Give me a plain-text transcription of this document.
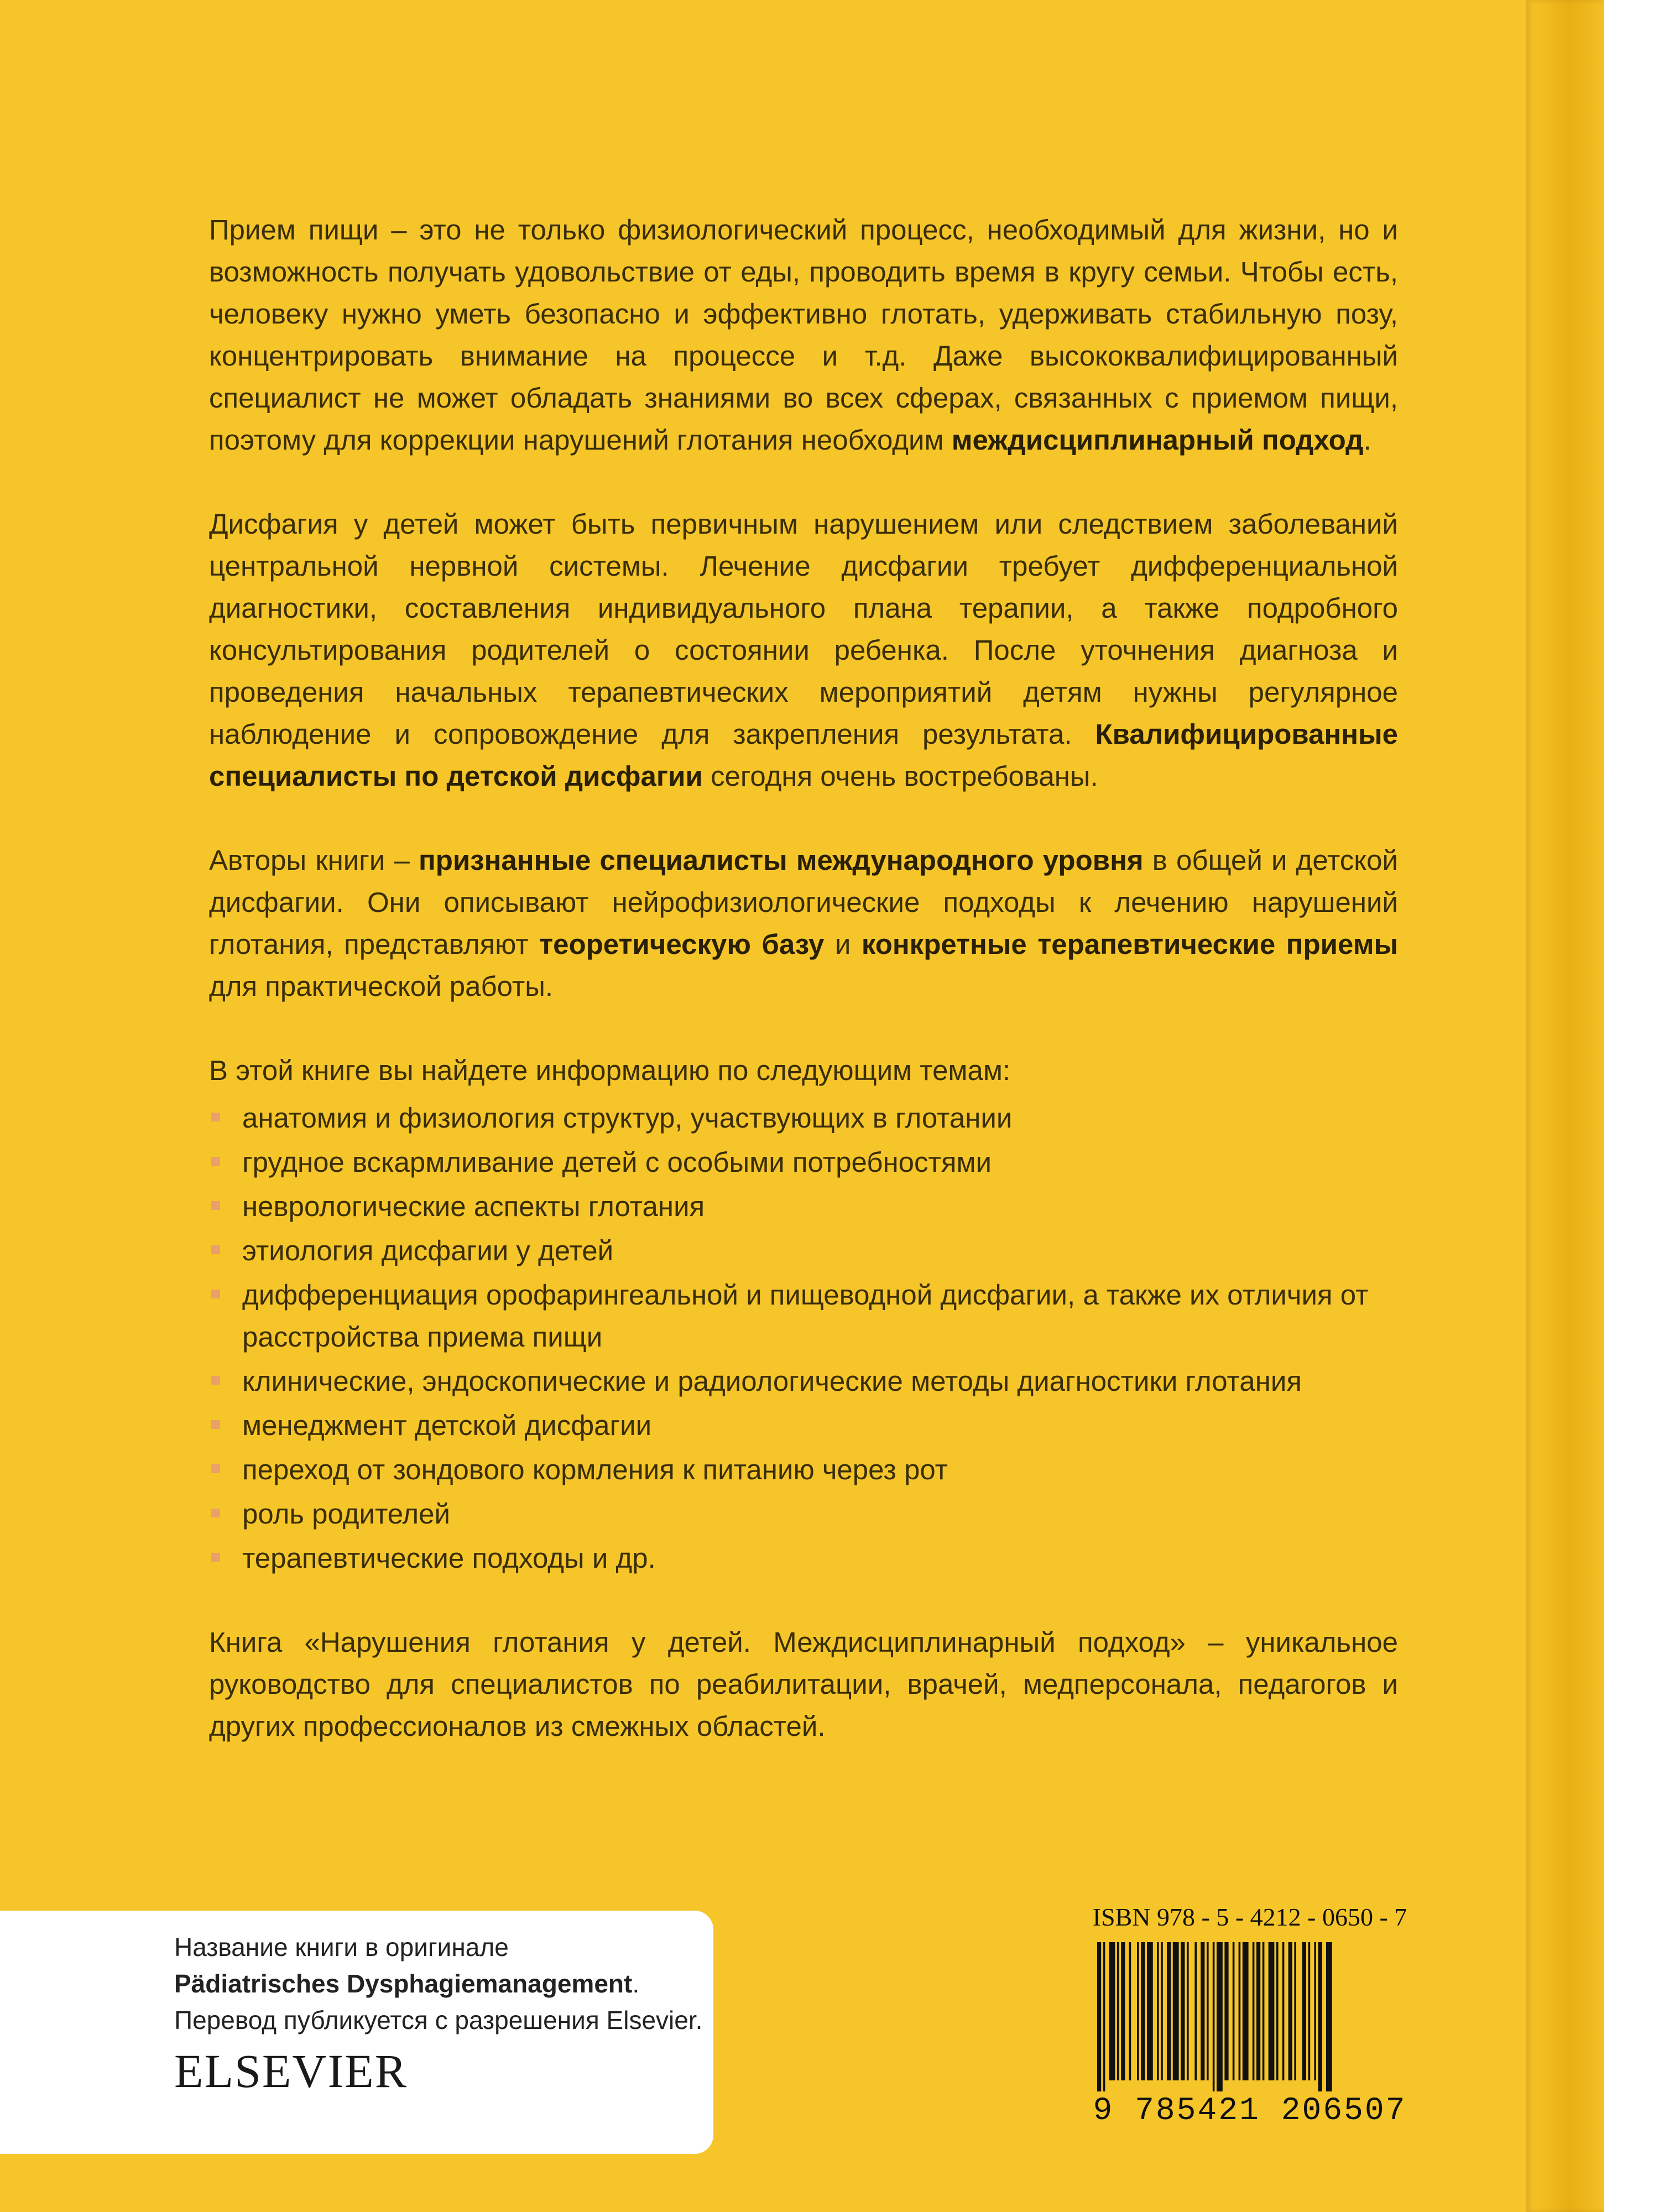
Прием пищи – это не только физиологический процесс, необходимый для жизни, но и возможность получать удовольствие от еды, проводить время в кругу семьи. Чтобы есть, человеку нужно уметь безопасно и эффективно глотать, удерживать стабильную позу, концентрировать внимание на процессе и т.д. Даже высококвалифицированный специалист не может обладать знаниями во всех сферах, связанных с приемом пищи, поэтому для коррекции нарушений глотания необходим междисциплинарный подход.

Дисфагия у детей может быть первичным нарушением или следствием заболеваний центральной нервной системы. Лечение дисфагии требует дифференциальной диагностики, составления индивидуального плана терапии, а также подробного консультирования родителей о состоянии ребенка. После уточнения диагноза и проведения начальных терапевтических мероприятий детям нужны регулярное наблюдение и сопровождение для закрепления результата. Квалифицированные специалисты по детской дисфагии сегодня очень востребованы.

Авторы книги – признанные специалисты международного уровня в общей и детской дисфагии. Они описывают нейрофизиологические подходы к лечению нарушений глотания, представляют теоретическую базу и конкретные терапевтические приемы для практической работы.

В этой книге вы найдете информацию по следующим темам:

анатомия и физиология структур, участвующих в глотании
грудное вскармливание детей с особыми потребностями
неврологические аспекты глотания
этиология дисфагии у детей
дифференциация орофарингеальной и пищеводной дисфагии, а также их отличия от расстройства приема пищи
клинические, эндоскопические и радиологические методы диагностики глотания
менеджмент детской дисфагии
переход от зондового кормления к питанию через рот
роль родителей
терапевтические подходы и др.

Книга «Нарушения глотания у детей. Междисциплинарный подход» – уникальное руководство для специалистов по реабилитации, врачей, медперсонала, педагогов и других профессионалов из смежных областей.

Название книги в оригинале
Pädiatrisches Dysphagiemanagement.
Перевод публикуется с разрешения Elsevier.
ELSEVIER
ISBN 978 - 5 - 4212 - 0650 - 7
9 785421 206507
